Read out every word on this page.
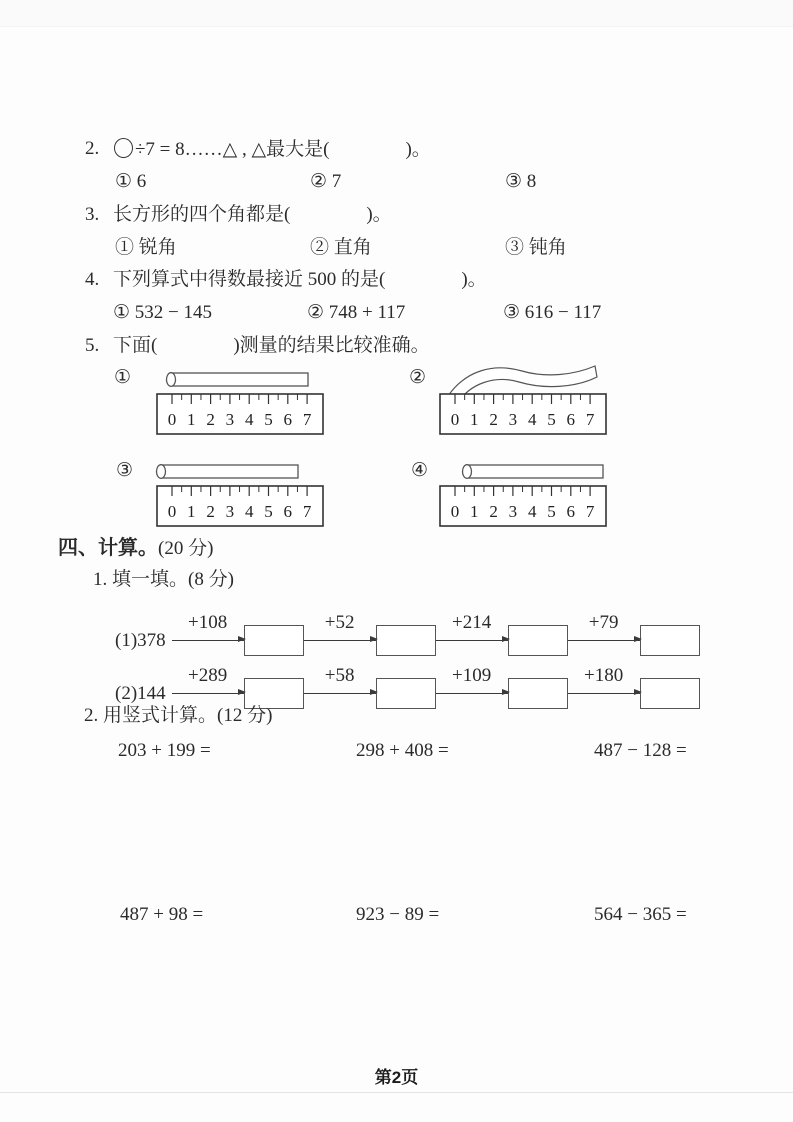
2.	÷7 = 8……△ , △最大是(　　　　)。
① 6	② 7	③ 8
3. 长方形的四个角都是(　　　　)。
① 锐角	② 直角	③ 钝角
4. 下列算式中得数最接近 500 的是(　　　　)。
① 532 − 145	② 748 + 117	③ 616 − 117
5. 下面(　　　　)测量的结果比较准确。
①
0 1 2 3 4 5 6 7
②
0 1 2 3 4 5 6 7
③
0 1 2 3 4 5 6 7
④
0 1 2 3 4 5 6 7
四、计算。(20 分)
1. 填一填。(8 分)
(1)378
+108	+52	+214	+79
(2)144
+289	+58	+109	+180
2. 用竖式计算。(12 分)
203 + 199 =	298 + 408 =	487 − 128 =
487 + 98 =	923 − 89 =	564 − 365 =
第2页
